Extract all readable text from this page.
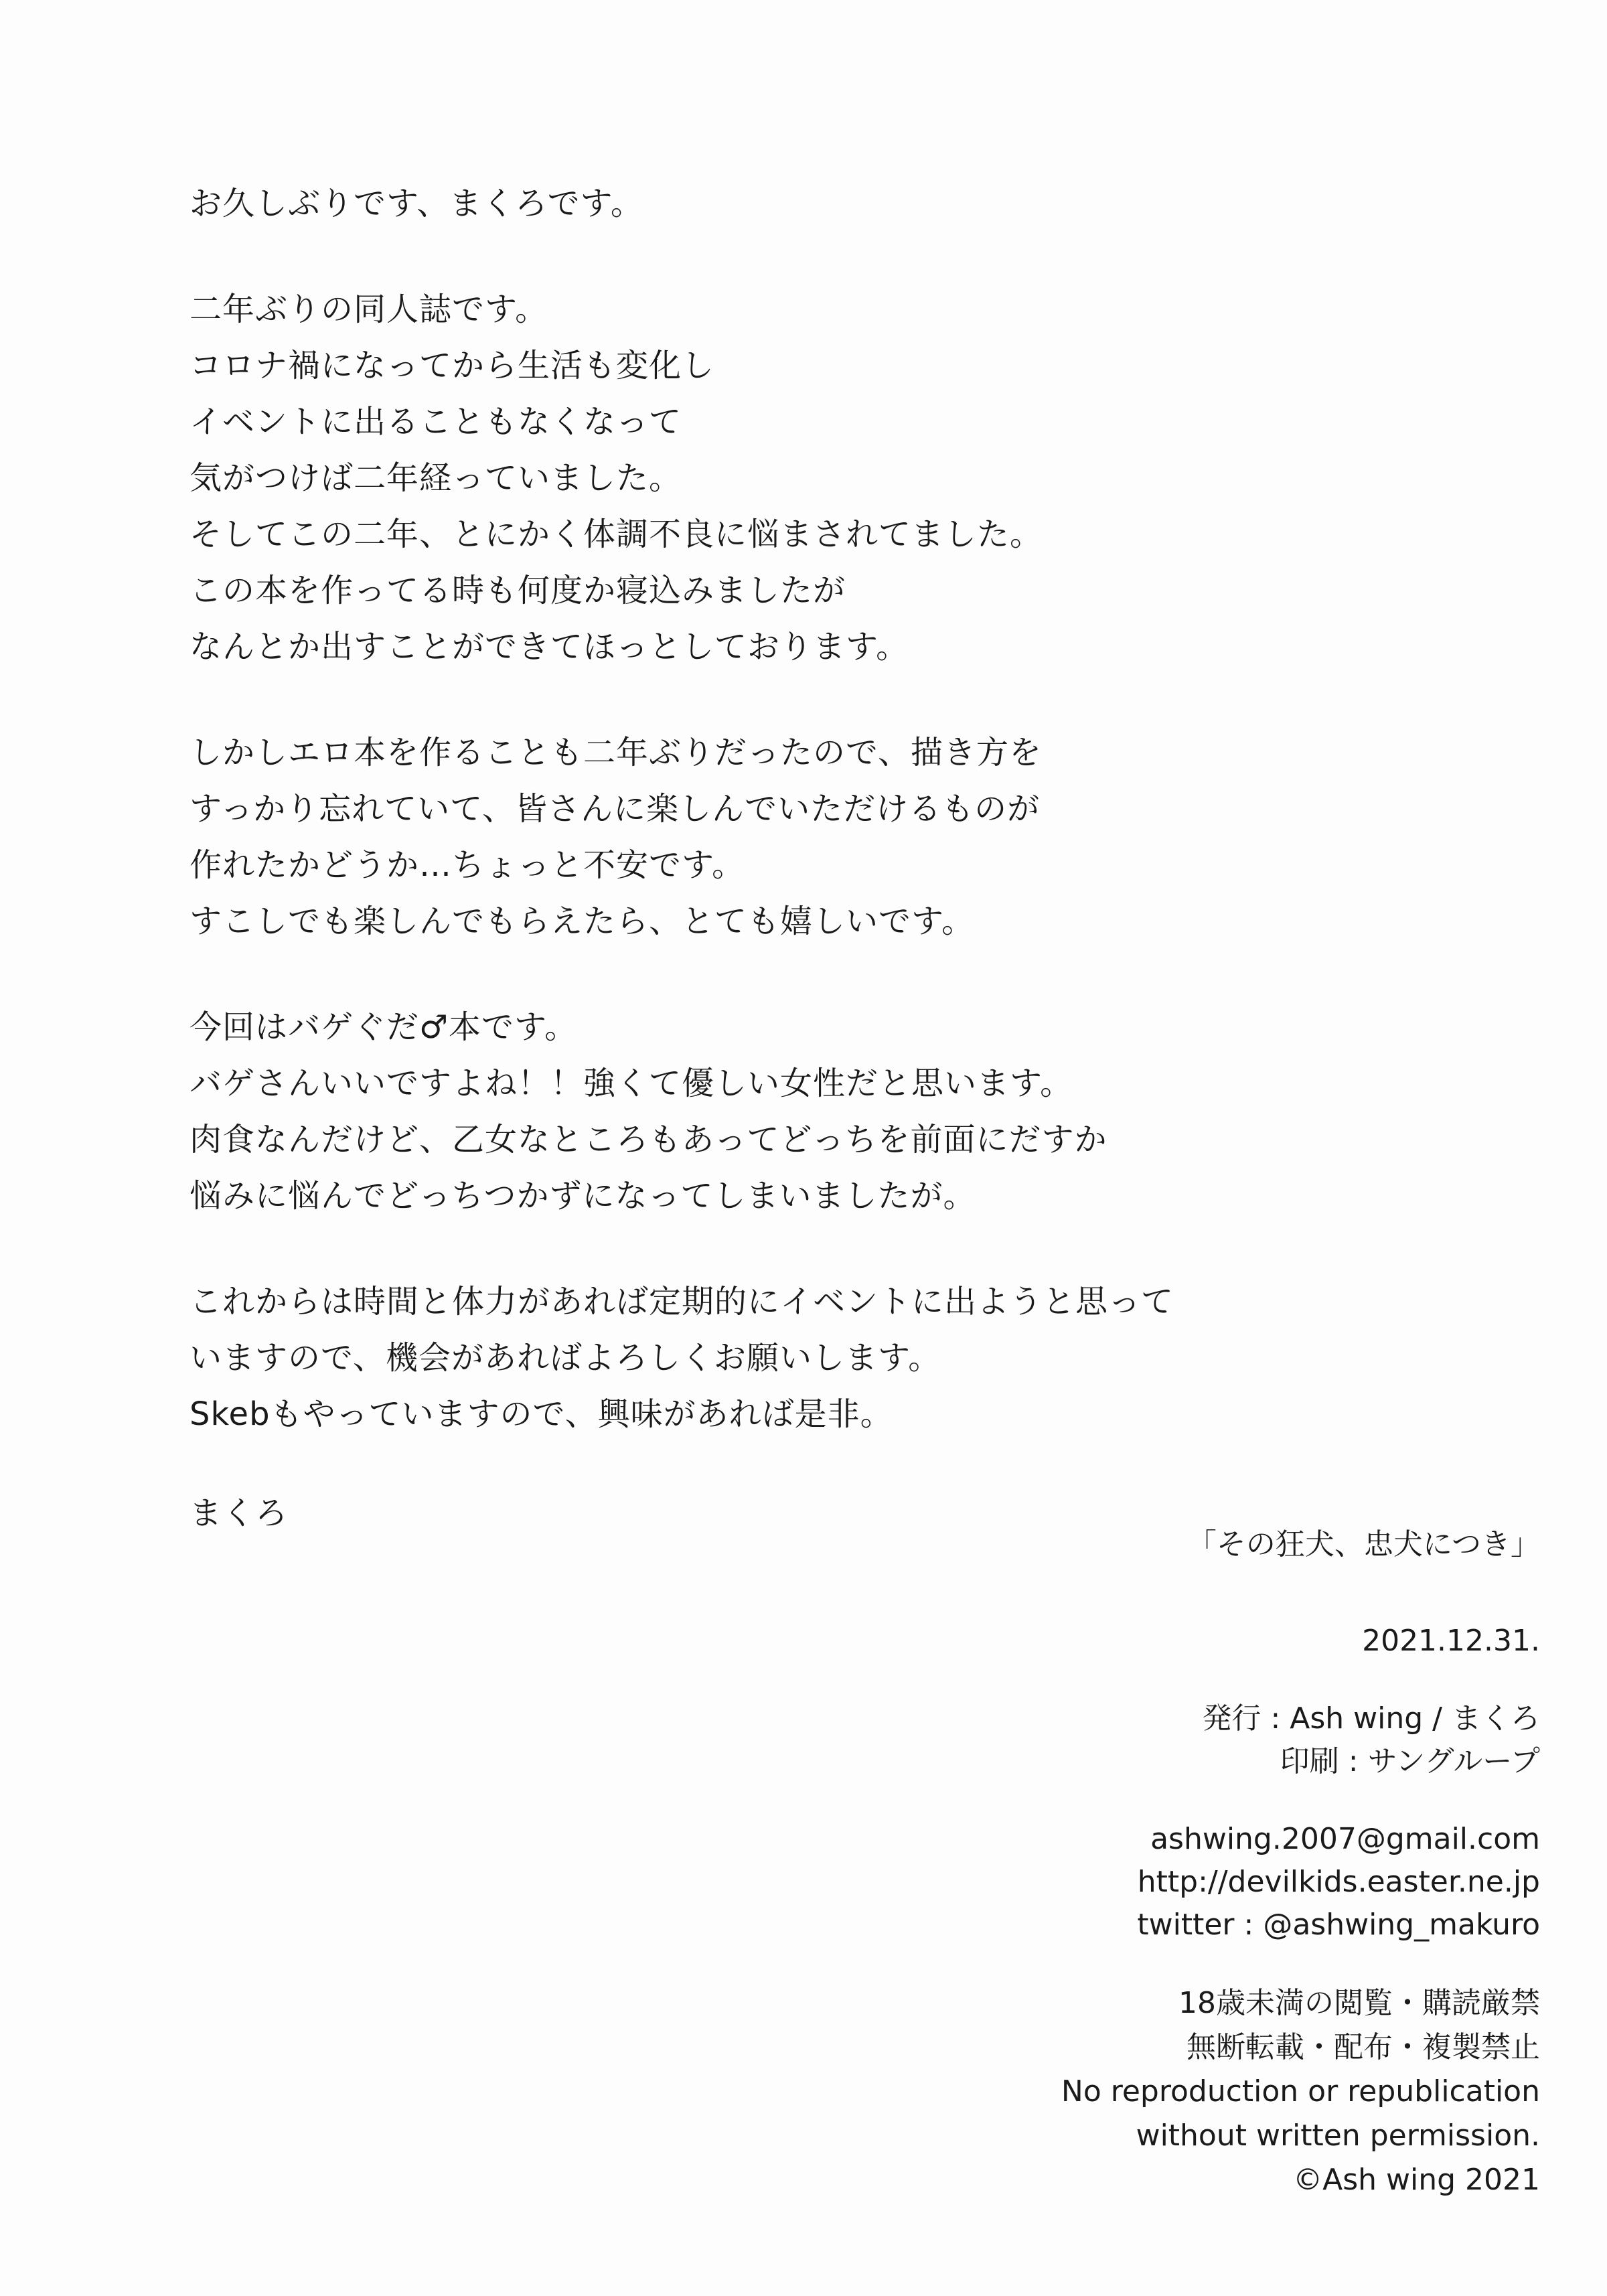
お久しぶりです、まくろです。
二年ぶりの同人誌です。
コロナ禍になってから生活も変化し
イベントに出ることもなくなって
気がつけば二年経っていました。
そしてこの二年、とにかく体調不良に悩まされてました。
この本を作ってる時も何度か寝込みましたが
なんとか出すことができてほっとしております。
しかしエロ本を作ることも二年ぶりだったので、描き方を
すっかり忘れていて、皆さんに楽しんでいただけるものが
作れたかどうか…ちょっと不安です。
すこしでも楽しんでもらえたら、とても嬉しいです。
今回はバゲぐだ♂本です。
バゲさんいいですよね！！強くて優しい女性だと思います。
肉食なんだけど、乙女なところもあってどっちを前面にだすか
悩みに悩んでどっちつかずになってしまいましたが。
これからは時間と体力があれば定期的にイベントに出ようと思って
いますので、機会があればよろしくお願いします。
Skebもやっていますので、興味があれば是非。
まくろ
「その狂犬、忠犬につき」
2021.12.31.
発行 : Ash wing / まくろ
印刷 : サングループ
ashwing.2007@gmail.com
http://devilkids.easter.ne.jp
twitter : @ashwing_makuro
18歳未満の閲覧・購読厳禁
無断転載・配布・複製禁止
No reproduction or republication
without written permission.
©Ash wing 2021
